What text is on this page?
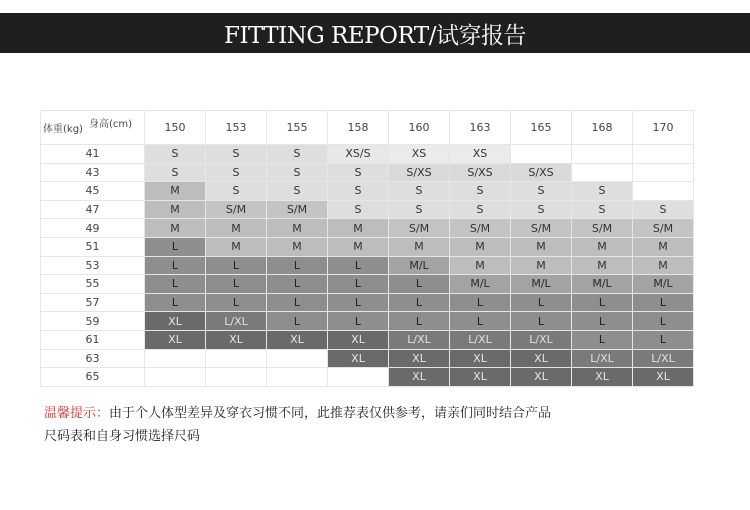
FITTING REPORT/试穿报告
身高(cm)
体重(kg)	150	153	155	158	160	163	165	168	170
41	S	S	S	XS/S	XS	XS			
43	S	S	S	S	S/XS	S/XS	S/XS		
45	M	S	S	S	S	S	S	S	
47	M	S/M	S/M	S	S	S	S	S	S
49	M	M	M	M	S/M	S/M	S/M	S/M	S/M
51	L	M	M	M	M	M	M	M	M
53	L	L	L	L	M/L	M	M	M	M
55	L	L	L	L	L	M/L	M/L	M/L	M/L
57	L	L	L	L	L	L	L	L	L
59	XL	L/XL	L	L	L	L	L	L	L
61	XL	XL	XL	XL	L/XL	L/XL	L/XL	L	L
63				XL	XL	XL	XL	L/XL	L/XL
65					XL	XL	XL	XL	XL
温馨提示：由于个人体型差异及穿衣习惯不同，此推荐表仅供参考，请亲们同时结合产品
尺码表和自身习惯选择尺码
